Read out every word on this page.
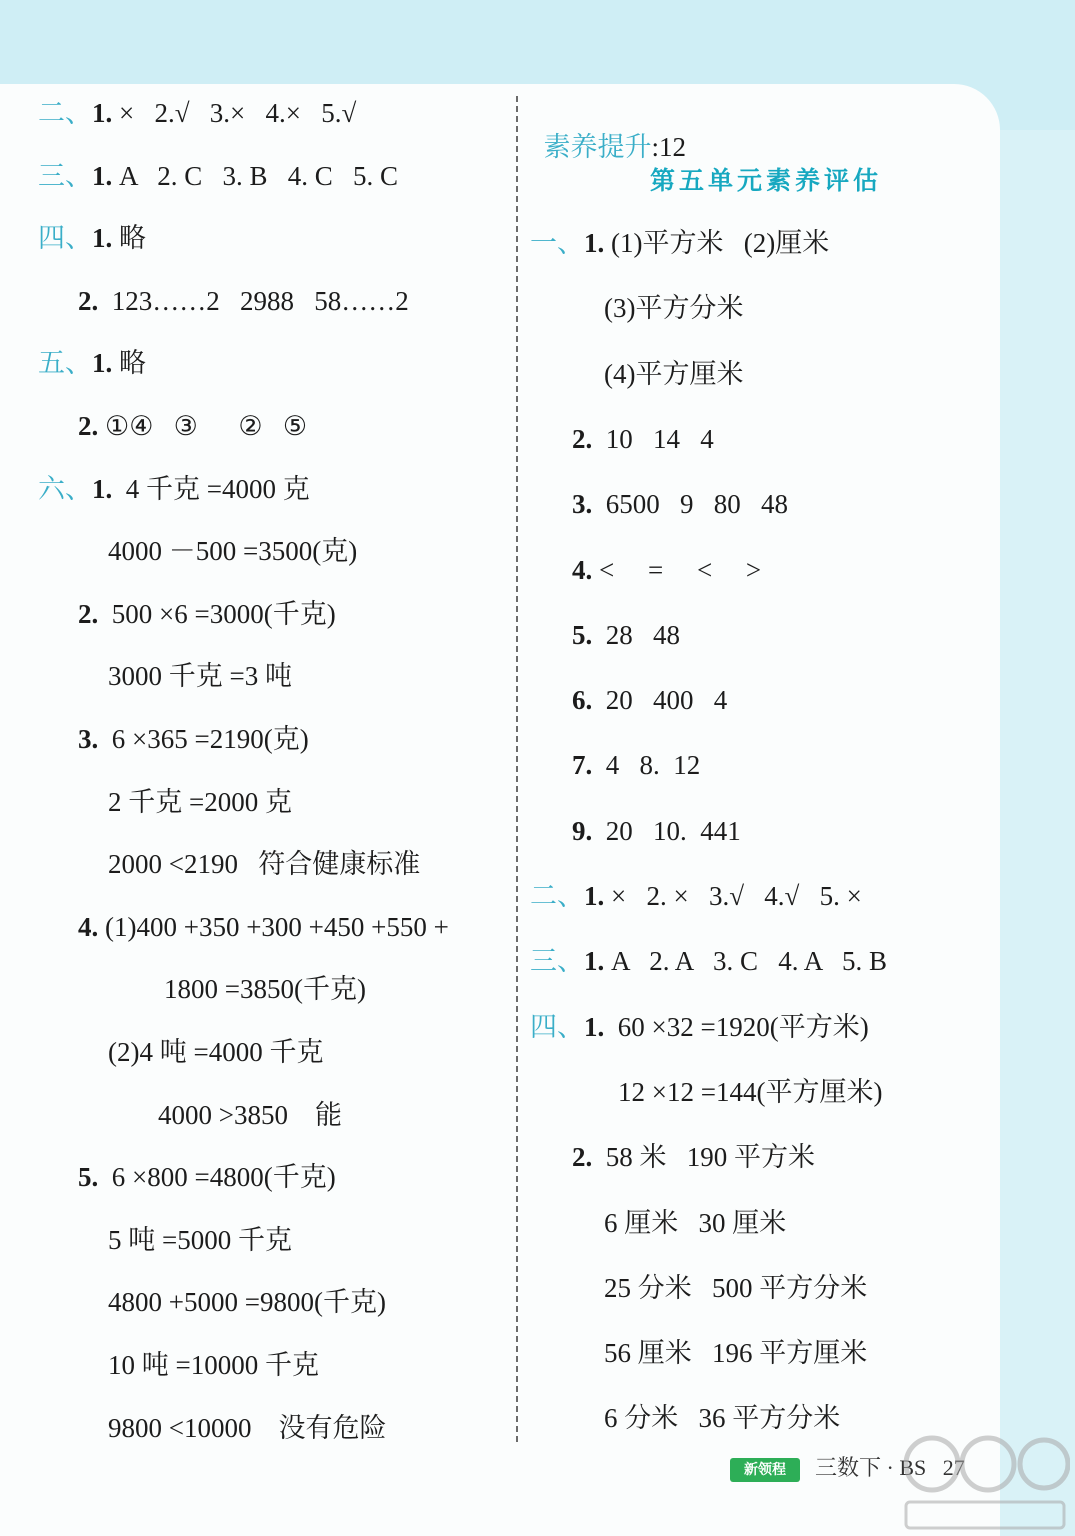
二、1. ×   2.√   3.×   4.×   5.√
三、1. A   2. C   3. B   4. C   5. C
四、1. 略
2.  123……2   2988   58……2
五、1. 略
2. ①④   ③      ②   ⑤
六、1.  4 千克 =4000 克
4000 －500 =3500(克)
2.  500 ×6 =3000(千克)
3000 千克 =3 吨
3.  6 ×365 =2190(克)
2 千克 =2000 克
2000 <2190   符合健康标准
4. (1)400 +350 +300 +450 +550 +
1800 =3850(千克)
(2)4 吨 =4000 千克
4000 >3850    能
5.  6 ×800 =4800(千克)
5 吨 =5000 千克
4800 +5000 =9800(千克)
10 吨 =10000 千克
9800 <10000    没有危险

素养提升:12

第五单元素养评估
一、1. (1)平方米   (2)厘米
(3)平方分米
(4)平方厘米
2.  10   14   4
3.  6500   9   80   48
4. <     =     <     >
5.  28   48
6.  20   400   4
7.  4   8.  12
9.  20   10.  441
二、1. ×   2. ×   3.√   4.√   5. ×
三、1. A   2. A   3. C   4. A   5. B
四、1.  60 ×32 =1920(平方米)
12 ×12 =144(平方厘米)
2.  58 米   190 平方米
6 厘米   30 厘米
25 分米   500 平方分米
56 厘米   196 平方厘米
6 分米   36 平方分米
新领程	三数下 · BS   27
